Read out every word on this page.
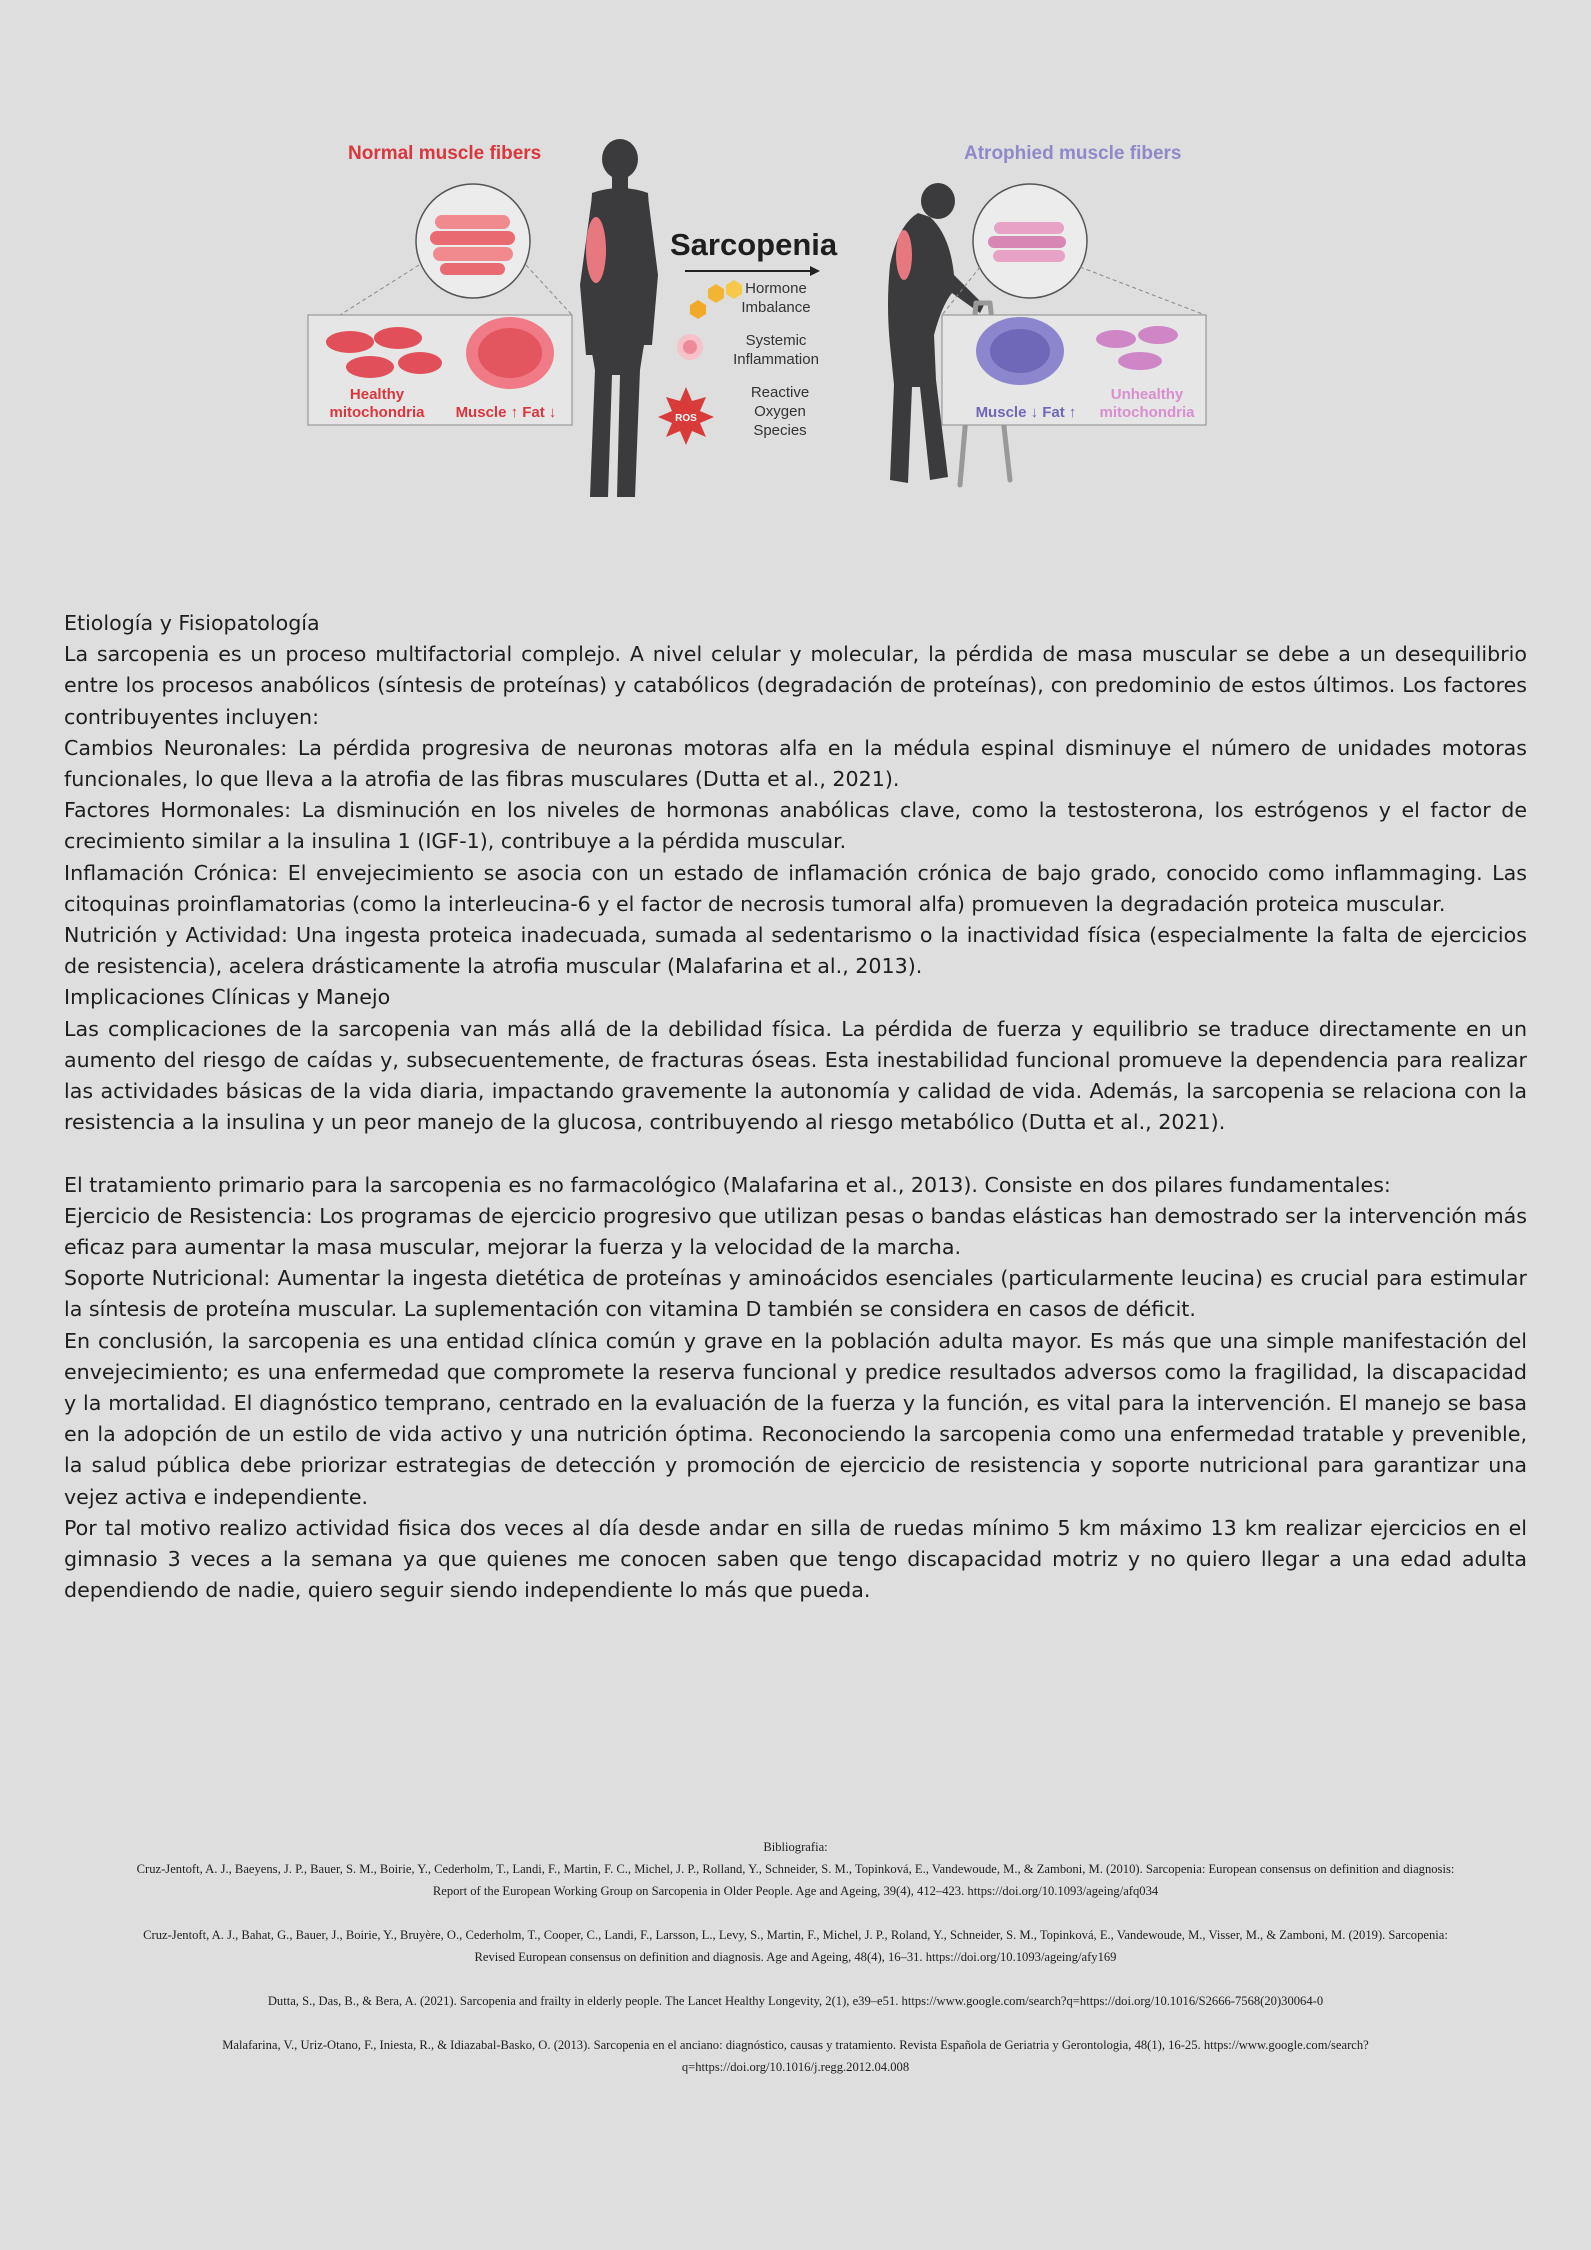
Normal muscle fibers	Atrophied muscle fibers
Sarcopenia
Healthy
mitochondria Muscle ↑ Fat ↓
Hormone
Imbalance
Systemic
Inflammation
ROS
Reactive
Oxygen
Species
Muscle ↓ Fat ↑
Unhealthy
mitochondria

Etiología y Fisiopatología

La sarcopenia es un proceso multifactorial complejo. A nivel celular y molecular, la pérdida de masa muscular se debe a un desequilibrio entre los procesos anabólicos (síntesis de proteínas) y catabólicos (degradación de proteínas), con predominio de estos últimos. Los factores contribuyentes incluyen:

Cambios Neuronales: La pérdida progresiva de neuronas motoras alfa en la médula espinal disminuye el número de unidades motoras funcionales, lo que lleva a la atrofia de las fibras musculares (Dutta et al., 2021).

Factores Hormonales: La disminución en los niveles de hormonas anabólicas clave, como la testosterona, los estrógenos y el factor de crecimiento similar a la insulina 1 (IGF-1), contribuye a la pérdida muscular.

Inflamación Crónica: El envejecimiento se asocia con un estado de inflamación crónica de bajo grado, conocido como inflammaging. Las citoquinas proinflamatorias (como la interleucina-6 y el factor de necrosis tumoral alfa) promueven la degradación proteica muscular.

Nutrición y Actividad: Una ingesta proteica inadecuada, sumada al sedentarismo o la inactividad física (especialmente la falta de ejercicios de resistencia), acelera drásticamente la atrofia muscular (Malafarina et al., 2013).

Implicaciones Clínicas y Manejo

Las complicaciones de la sarcopenia van más allá de la debilidad física. La pérdida de fuerza y equilibrio se traduce directamente en un aumento del riesgo de caídas y, subsecuentemente, de fracturas óseas. Esta inestabilidad funcional promueve la dependencia para realizar las actividades básicas de la vida diaria, impactando gravemente la autonomía y calidad de vida. Además, la sarcopenia se relaciona con la resistencia a la insulina y un peor manejo de la glucosa, contribuyendo al riesgo metabólico (Dutta et al., 2021).

El tratamiento primario para la sarcopenia es no farmacológico (Malafarina et al., 2013). Consiste en dos pilares fundamentales:

Ejercicio de Resistencia: Los programas de ejercicio progresivo que utilizan pesas o bandas elásticas han demostrado ser la intervención más eficaz para aumentar la masa muscular, mejorar la fuerza y la velocidad de la marcha.

Soporte Nutricional: Aumentar la ingesta dietética de proteínas y aminoácidos esenciales (particularmente leucina) es crucial para estimular la síntesis de proteína muscular. La suplementación con vitamina D también se considera en casos de déficit.

En conclusión, la sarcopenia es una entidad clínica común y grave en la población adulta mayor. Es más que una simple manifestación del envejecimiento; es una enfermedad que compromete la reserva funcional y predice resultados adversos como la fragilidad, la discapacidad y la mortalidad. El diagnóstico temprano, centrado en la evaluación de la fuerza y la función, es vital para la intervención. El manejo se basa en la adopción de un estilo de vida activo y una nutrición óptima. Reconociendo la sarcopenia como una enfermedad tratable y prevenible, la salud pública debe priorizar estrategias de detección y promoción de ejercicio de resistencia y soporte nutricional para garantizar una vejez activa e independiente.

Por tal motivo realizo actividad fisica dos veces al día desde andar en silla de ruedas mínimo 5 km máximo 13 km realizar ejercicios en el gimnasio 3 veces a la semana ya que quienes me conocen saben que tengo discapacidad motriz y no quiero llegar a una edad adulta dependiendo de nadie, quiero seguir siendo independiente lo más que pueda.

Bibliografia:

Cruz-Jentoft, A. J., Baeyens, J. P., Bauer, S. M., Boirie, Y., Cederholm, T., Landi, F., Martin, F. C., Michel, J. P., Rolland, Y., Schneider, S. M., Topinková, E., Vandewoude, M., & Zamboni, M. (2010). Sarcopenia: European consensus on definition and diagnosis: Report of the European Working Group on Sarcopenia in Older People. Age and Ageing, 39(4), 412–423. https://doi.org/10.1093/ageing/afq034

Cruz-Jentoft, A. J., Bahat, G., Bauer, J., Boirie, Y., Bruyère, O., Cederholm, T., Cooper, C., Landi, F., Larsson, L., Levy, S., Martin, F., Michel, J. P., Roland, Y., Schneider, S. M., Topinková, E., Vandewoude, M., Visser, M., & Zamboni, M. (2019). Sarcopenia: Revised European consensus on definition and diagnosis. Age and Ageing, 48(4), 16–31. https://doi.org/10.1093/ageing/afy169

Dutta, S., Das, B., & Bera, A. (2021). Sarcopenia and frailty in elderly people. The Lancet Healthy Longevity, 2(1), e39–e51. https://www.google.com/search?q=https://doi.org/10.1016/S2666-7568(20)30064-0

Malafarina, V., Uriz-Otano, F., Iniesta, R., & Idiazabal-Basko, O. (2013). Sarcopenia en el anciano: diagnóstico, causas y tratamiento. Revista Española de Geriatria y Gerontologia, 48(1), 16-25. https://www.google.com/search?q=https://doi.org/10.1016/j.regg.2012.04.008
